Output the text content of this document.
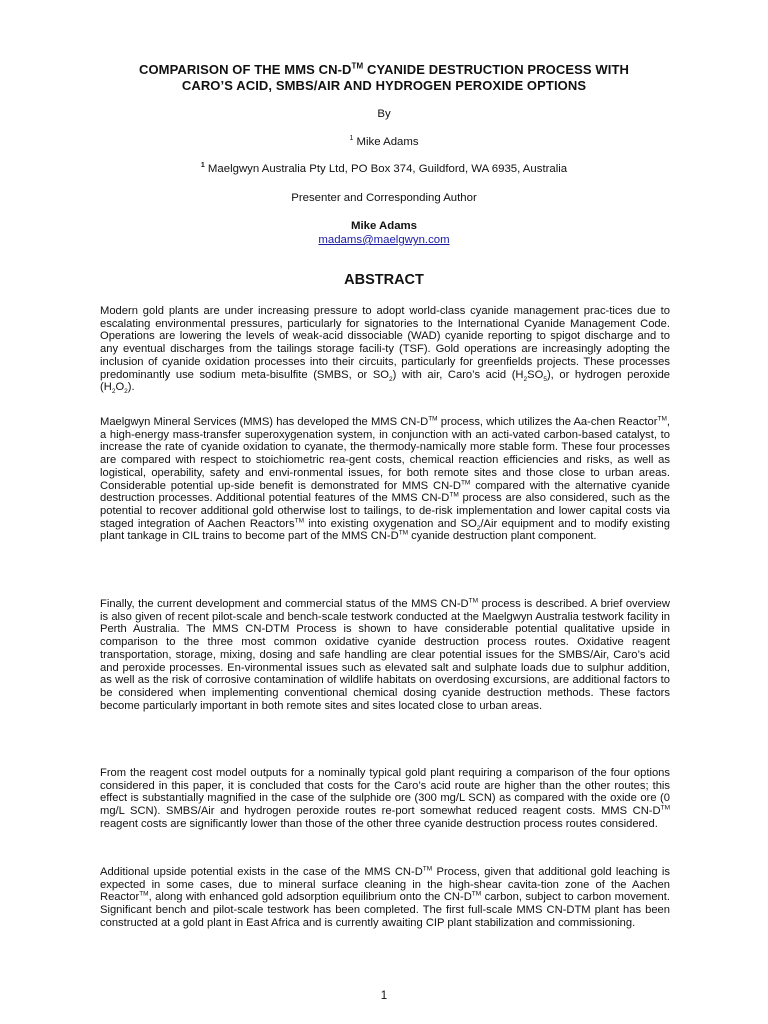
COMPARISON OF THE MMS CN-D™ CYANIDE DESTRUCTION PROCESS WITH
CARO’S ACID, SMBS/AIR AND HYDROGEN PEROXIDE OPTIONS
By
$^1$ Mike Adams
$^1$ Maelgwyn Australia Pty Ltd, PO Box 374, Guildford, WA 6935, Australia
Presenter and Corresponding Author
Mike Adams
madams@maelgwyn.com
ABSTRACT

Modern gold plants are under increasing pressure to adopt world-class cyanide management prac-tices due to escalating environmental pressures, particularly for signatories to the International Cyanide Management Code. Operations are lowering the levels of weak-acid dissociable (WAD) cyanide reporting to spigot discharge and to any eventual discharges from the tailings storage facili-ty (TSF). Gold operations are increasingly adopting the inclusion of cyanide oxidation processes into their circuits, particularly for greenfields projects. These processes predominantly use sodium meta-bisulfite (SMBS, or $SO_2$) with air, Caro’s acid $(H_2SO_5)$, or hydrogen peroxide $(H_2O_2)$.

Maelgwyn Mineral Services (MMS) has developed the MMS CN-D™ process, which utilizes the Aa-chen Reactor™, a high-energy mass-transfer superoxygenation system, in conjunction with an acti-vated carbon-based catalyst, to increase the rate of cyanide oxidation to cyanate, the thermody-namically more stable form. These four processes are compared with respect to stoichiometric rea-gent costs, chemical reaction efficiencies and risks, as well as logistical, operability, safety and envi-ronmental issues, for both remote sites and those close to urban areas. Considerable potential up-side benefit is demonstrated for MMS CN-D™ compared with the alternative cyanide destruction processes. Additional potential features of the MMS CN-D™ process are also considered, such as the potential to recover additional gold otherwise lost to tailings, to de-risk implementation and lower capital costs via staged integration of Aachen Reactors™ into existing oxygenation and $SO_2$/Air equipment and to modify existing plant tankage in CIL trains to become part of the MMS CN-D™ cyanide destruction plant component.

Finally, the current development and commercial status of the MMS CN-D™ process is described. A brief overview is also given of recent pilot-scale and bench-scale testwork conducted at the Maelgwyn Australia testwork facility in Perth Australia. The MMS CN-DTM Process is shown to have considerable potential qualitative upside in comparison to the three most common oxidative cyanide destruction process routes. Oxidative reagent transportation, storage, mixing, dosing and safe handling are clear potential issues for the SMBS/Air, Caro’s acid and peroxide processes. En-vironmental issues such as elevated salt and sulphate loads due to sulphur addition, as well as the risk of corrosive contamination of wildlife habitats on overdosing excursions, are additional factors to be considered when implementing conventional chemical dosing cyanide destruction methods. These factors become particularly important in both remote sites and sites located close to urban areas.

From the reagent cost model outputs for a nominally typical gold plant requiring a comparison of the four options considered in this paper, it is concluded that costs for the Caro’s acid route are higher than the other routes; this effect is substantially magnified in the case of the sulphide ore (300 mg/L SCN) as compared with the oxide ore (0 mg/L SCN). SMBS/Air and hydrogen peroxide routes re-port somewhat reduced reagent costs. MMS CN-D™ reagent costs are significantly lower than those of the other three cyanide destruction process routes considered.

Additional upside potential exists in the case of the MMS CN-D™ Process, given that additional gold leaching is expected in some cases, due to mineral surface cleaning in the high-shear cavita-tion zone of the Aachen Reactor™, along with enhanced gold adsorption equilibrium onto the CN-D™ carbon, subject to carbon movement. Significant bench and pilot-scale testwork has been completed. The first full-scale MMS CN-DTM plant has been constructed at a gold plant in East Africa and is currently awaiting CIP plant stabilization and commissioning.

1
